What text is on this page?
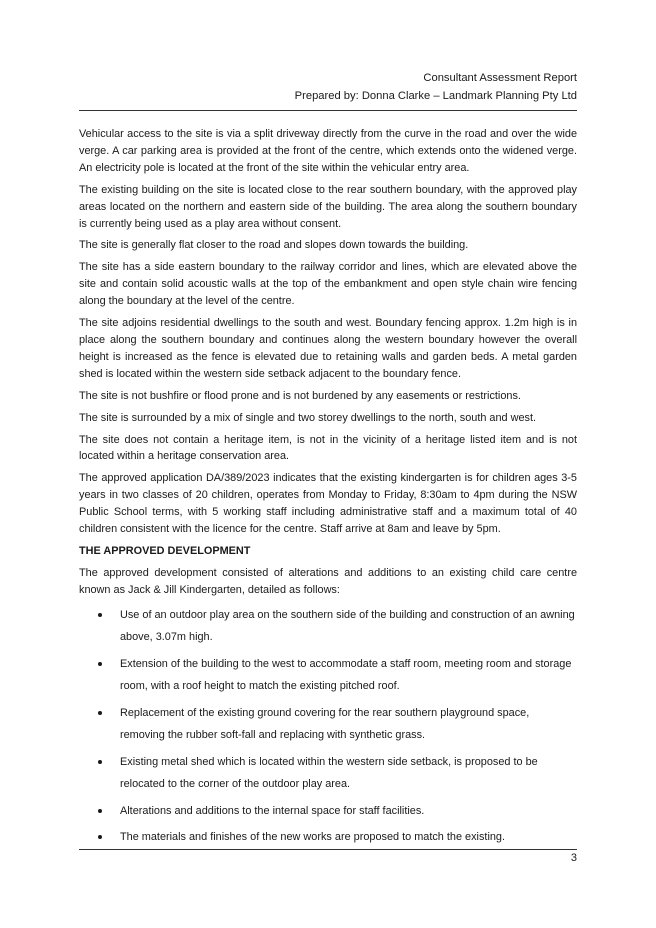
Consultant Assessment Report
Prepared by: Donna Clarke – Landmark Planning Pty Ltd

Vehicular access to the site is via a split driveway directly from the curve in the road and over the wide verge. A car parking area is provided at the front of the centre, which extends onto the widened verge. An electricity pole is located at the front of the site within the vehicular entry area.

The existing building on the site is located close to the rear southern boundary, with the approved play areas located on the northern and eastern side of the building. The area along the southern boundary is currently being used as a play area without consent.

The site is generally flat closer to the road and slopes down towards the building.

The site has a side eastern boundary to the railway corridor and lines, which are elevated above the site and contain solid acoustic walls at the top of the embankment and open style chain wire fencing along the boundary at the level of the centre.

The site adjoins residential dwellings to the south and west. Boundary fencing approx. 1.2m high is in place along the southern boundary and continues along the western boundary however the overall height is increased as the fence is elevated due to retaining walls and garden beds. A metal garden shed is located within the western side setback adjacent to the boundary fence.

The site is not bushfire or flood prone and is not burdened by any easements or restrictions.

The site is surrounded by a mix of single and two storey dwellings to the north, south and west.

The site does not contain a heritage item, is not in the vicinity of a heritage listed item and is not located within a heritage conservation area.

The approved application DA/389/2023 indicates that the existing kindergarten is for children ages 3-5 years in two classes of 20 children, operates from Monday to Friday, 8:30am to 4pm during the NSW Public School terms, with 5 working staff including administrative staff and a maximum total of 40 children consistent with the licence for the centre. Staff arrive at 8am and leave by 5pm.

THE APPROVED DEVELOPMENT

The approved development consisted of alterations and additions to an existing child care centre known as Jack & Jill Kindergarten, detailed as follows:

Use of an outdoor play area on the southern side of the building and construction of an awning above, 3.07m high.
Extension of the building to the west to accommodate a staff room, meeting room and storage room, with a roof height to match the existing pitched roof.
Replacement of the existing ground covering for the rear southern playground space, removing the rubber soft-fall and replacing with synthetic grass.
Existing metal shed which is located within the western side setback, is proposed to be relocated to the corner of the outdoor play area.
Alterations and additions to the internal space for staff facilities.
The materials and finishes of the new works are proposed to match the existing.
3
